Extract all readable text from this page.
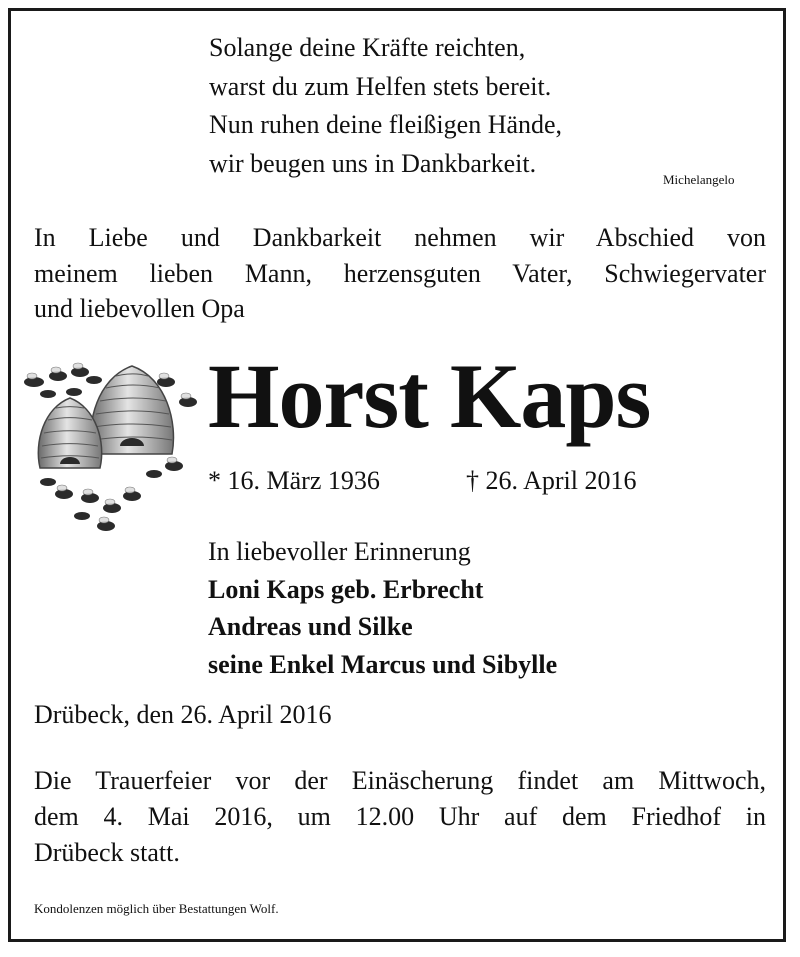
Solange deine Kräfte reichten,
warst du zum Helfen stets bereit.
Nun ruhen deine fleißigen Hände,
wir beugen uns in Dankbarkeit.
Michelangelo
In Liebe und Dankbarkeit nehmen wir Abschied von
meinem lieben Mann, herzensguten Vater, Schwiegervater
und liebevollen Opa
Horst Kaps
* 16. März 1936	† 26. April 2016
In liebevoller Erinnerung
Loni Kaps geb. Erbrecht
Andreas und Silke
seine Enkel Marcus und Sibylle
Drübeck, den 26. April 2016
Die Trauerfeier vor der Einäscherung findet am Mittwoch,
dem 4. Mai 2016, um 12.00 Uhr auf dem Friedhof in
Drübeck statt.
Kondolenzen möglich über Bestattungen Wolf.
